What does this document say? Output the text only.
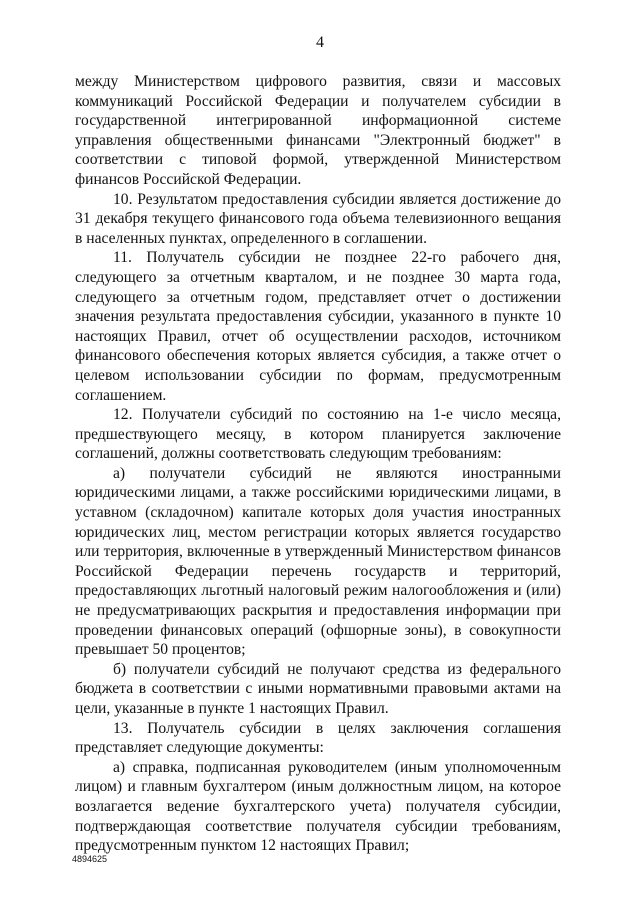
4

между Министерством цифрового развития, связи и массовых коммуникаций Российской Федерации и получателем субсидии в государственной интегрированной информационной системе управления общественными финансами "Электронный бюджет" в соответствии с типовой формой, утвержденной Министерством финансов Российской Федерации.

10. Результатом предоставления субсидии является достижение до 31 декабря текущего финансового года объема телевизионного вещания в населенных пунктах, определенного в соглашении.

11. Получатель субсидии не позднее 22-го рабочего дня, следующего за отчетным кварталом, и не позднее 30 марта года, следующего за отчетным годом, представляет отчет о достижении значения результата предоставления субсидии, указанного в пункте 10 настоящих Правил, отчет об осуществлении расходов, источником финансового обеспечения которых является субсидия, а также отчет о целевом использовании субсидии по формам, предусмотренным соглашением.

12. Получатели субсидий по состоянию на 1-е число месяца, предшествующего месяцу, в котором планируется заключение соглашений, должны соответствовать следующим требованиям:

а) получатели субсидий не являются иностранными юридическими лицами, а также российскими юридическими лицами, в уставном (складочном) капитале которых доля участия иностранных юридических лиц, местом регистрации которых является государство или территория, включенные в утвержденный Министерством финансов Российской Федерации перечень государств и территорий, предоставляющих льготный налоговый режим налогообложения и (или) не предусматривающих раскрытия и предоставления информации при проведении финансовых операций (офшорные зоны), в совокупности превышает 50 процентов;

б) получатели субсидий не получают средства из федерального бюджета в соответствии с иными нормативными правовыми актами на цели, указанные в пункте 1 настоящих Правил.

13. Получатель субсидии в целях заключения соглашения представляет следующие документы:

а) справка, подписанная руководителем (иным уполномоченным лицом) и главным бухгалтером (иным должностным лицом, на которое возлагается ведение бухгалтерского учета) получателя субсидии, подтверждающая соответствие получателя субсидии требованиям, предусмотренным пунктом 12 настоящих Правил;

4894625
